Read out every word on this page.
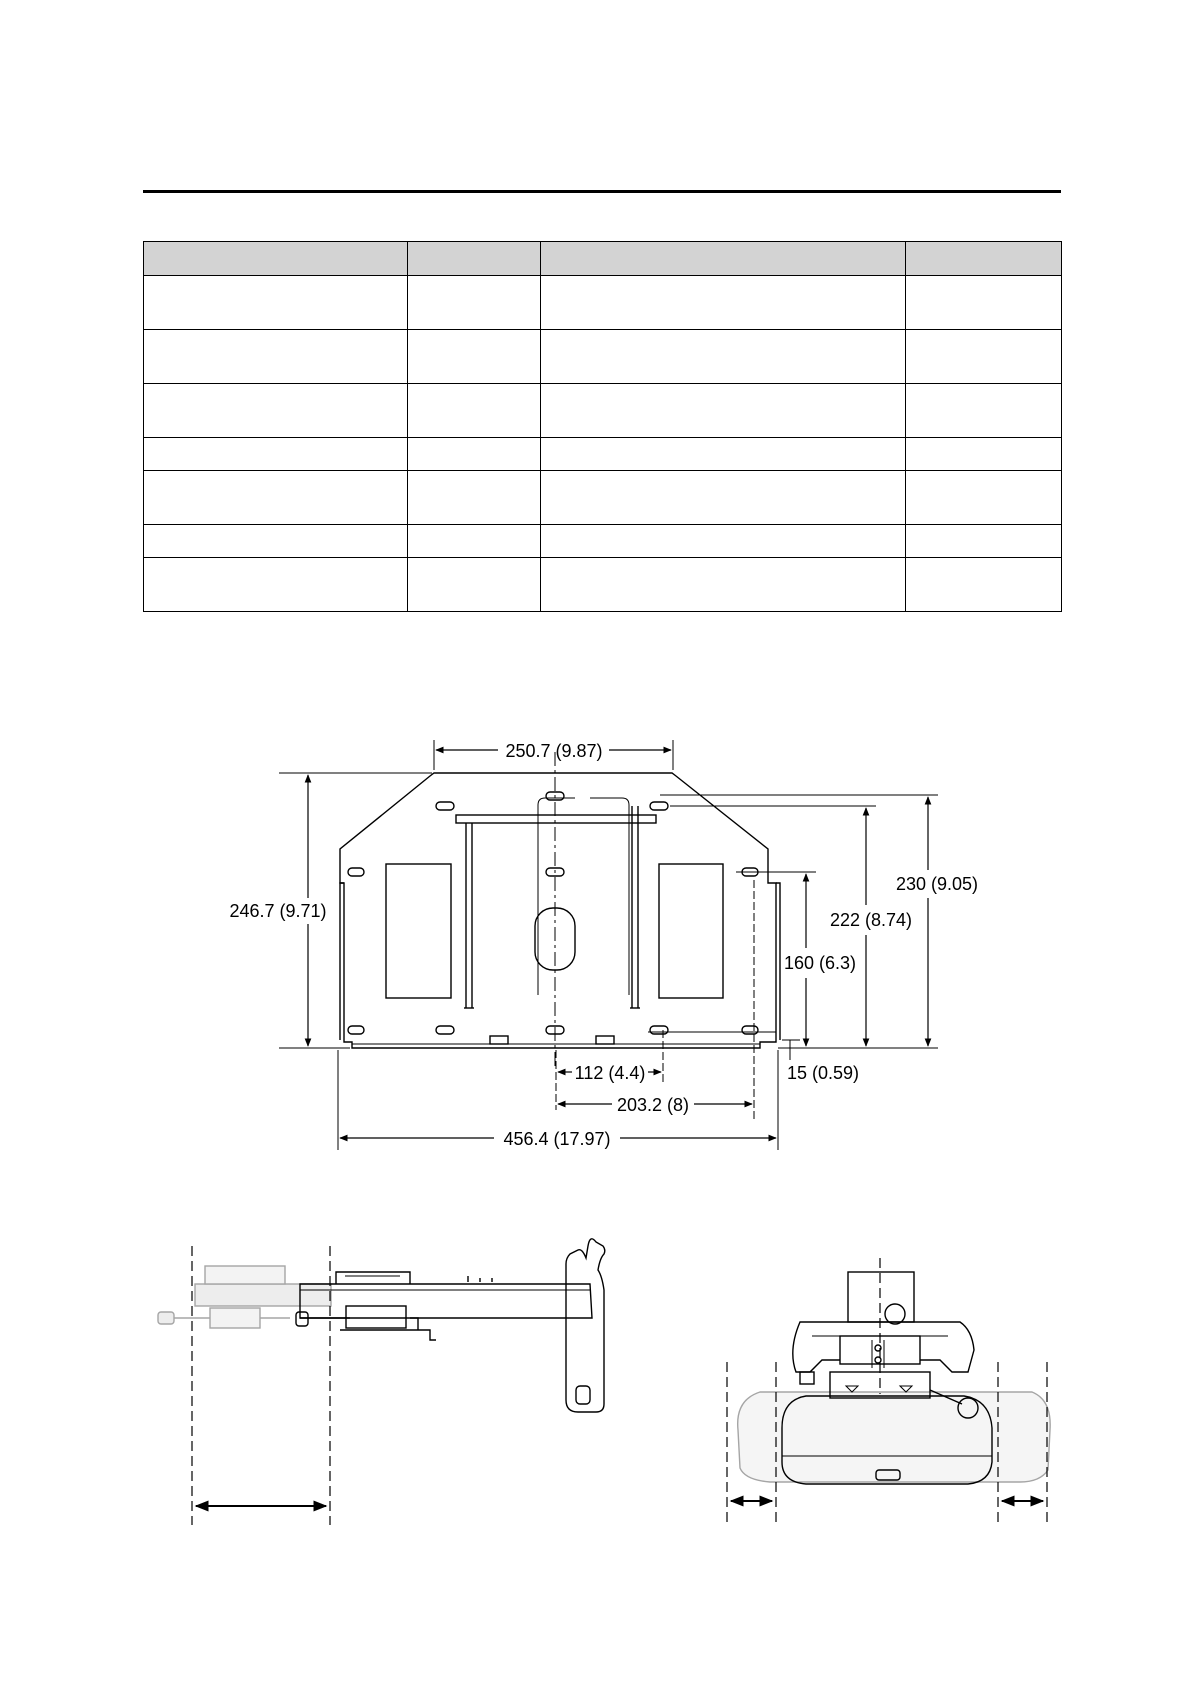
250.7 (9.87)
246.7 (9.71)
230 (9.05)
222 (8.74)
160 (6.3)
15 (0.59)
112 (4.4)
203.2 (8)
456.4 (17.97)
